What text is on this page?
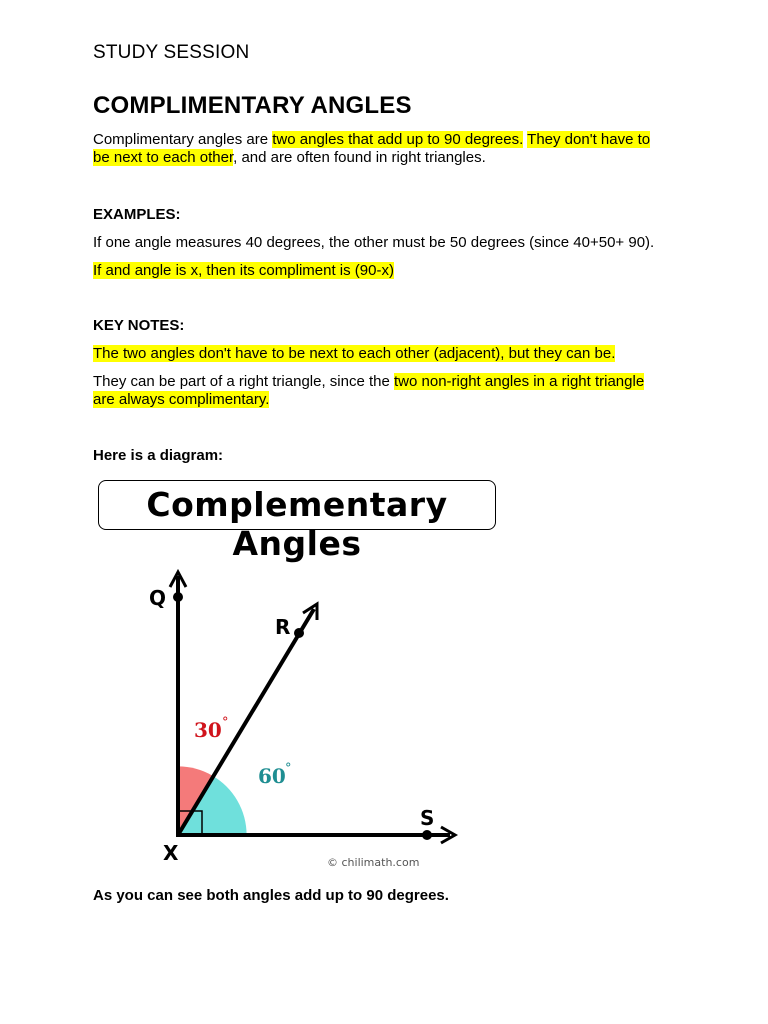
STUDY SESSION
COMPLIMENTARY ANGLES
Complimentary angles are two angles that add up to 90 degrees. They don't have to
be next to each other, and are often found in right triangles.
EXAMPLES:
If one angle measures 40 degrees, the other must be 50 degrees (since 40+50+ 90).
If and angle is x, then its compliment is (90-x)
KEY NOTES:
The two angles don't have to be next to each other (adjacent), but they can be.
They can be part of a right triangle, since the two non-right angles in a right triangle
are always complimentary.
Here is a diagram:
Complementary Angles
Q
R
S
X
30 °
60 °
© chilimath.com
As you can see both angles add up to 90 degrees.
